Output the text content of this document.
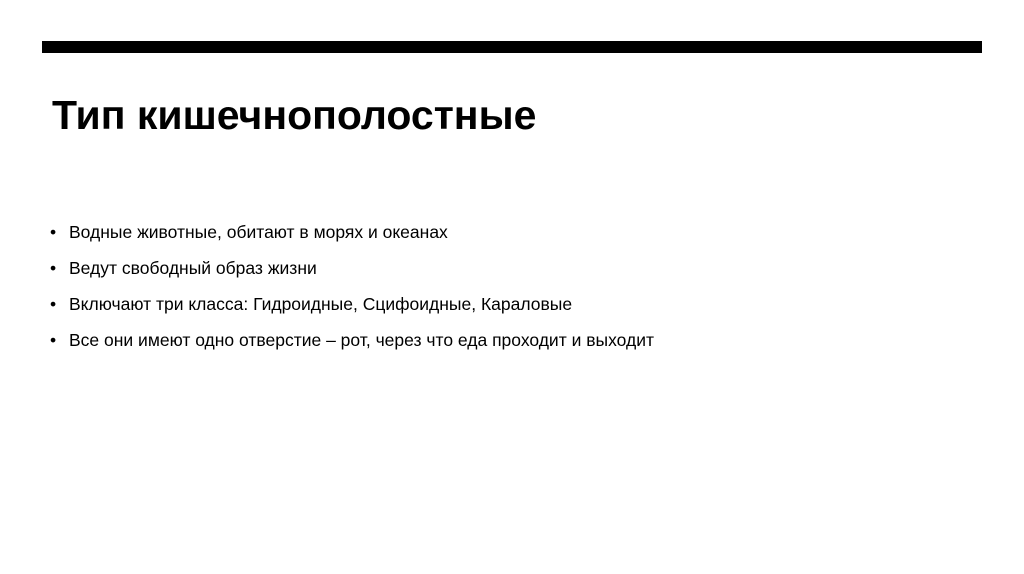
Тип кишечнополостные
• Водные животные, обитают в морях и океанах
• Ведут свободный образ жизни
• Включают три класса: Гидроидные, Сцифоидные, Караловые
• Все они имеют одно отверстие – рот, через что еда проходит и выходит
